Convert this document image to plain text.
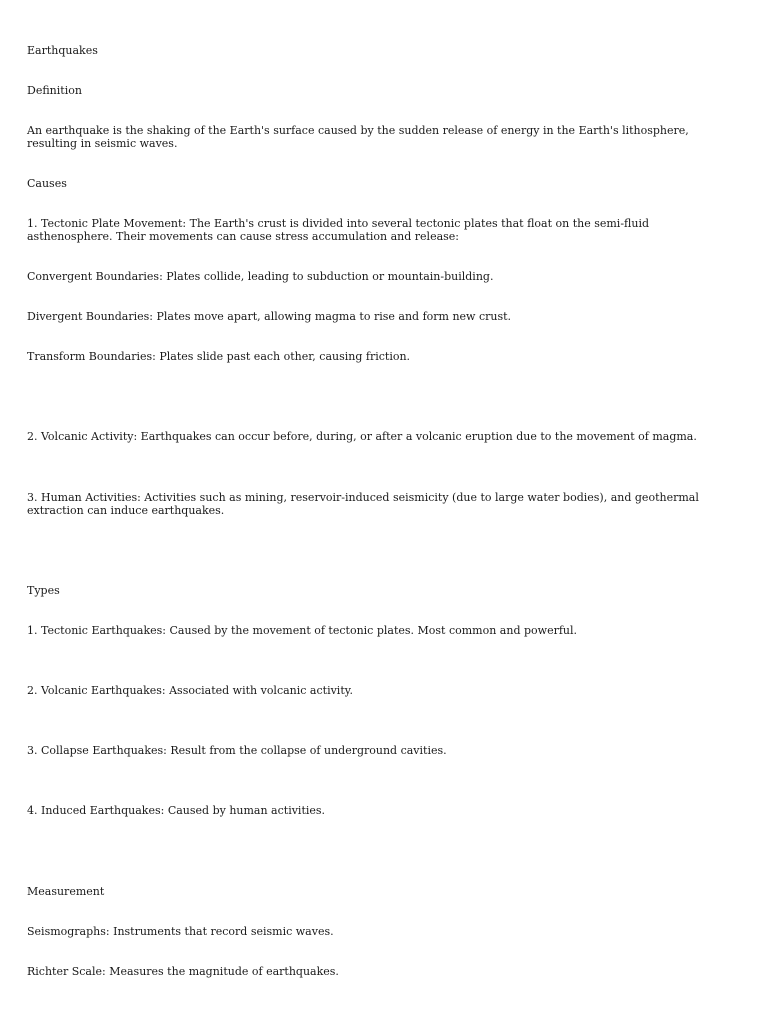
Earthquakes

Definition

An earthquake is the shaking of the Earth's surface caused by the sudden release of energy in the Earth's lithosphere, resulting in seismic waves.

Causes

1. Tectonic Plate Movement: The Earth's crust is divided into several tectonic plates that float on the semi-fluid asthenosphere. Their movements can cause stress accumulation and release:

Convergent Boundaries: Plates collide, leading to subduction or mountain-building.

Divergent Boundaries: Plates move apart, allowing magma to rise and form new crust.

Transform Boundaries: Plates slide past each other, causing friction.

2. Volcanic Activity: Earthquakes can occur before, during, or after a volcanic eruption due to the movement of magma.

3. Human Activities: Activities such as mining, reservoir-induced seismicity (due to large water bodies), and geothermal extraction can induce earthquakes.

Types

1. Tectonic Earthquakes: Caused by the movement of tectonic plates. Most common and powerful.

2. Volcanic Earthquakes: Associated with volcanic activity.

3. Collapse Earthquakes: Result from the collapse of underground cavities.

4. Induced Earthquakes: Caused by human activities.

Measurement

Seismographs: Instruments that record seismic waves.

Richter Scale: Measures the magnitude of earthquakes.
